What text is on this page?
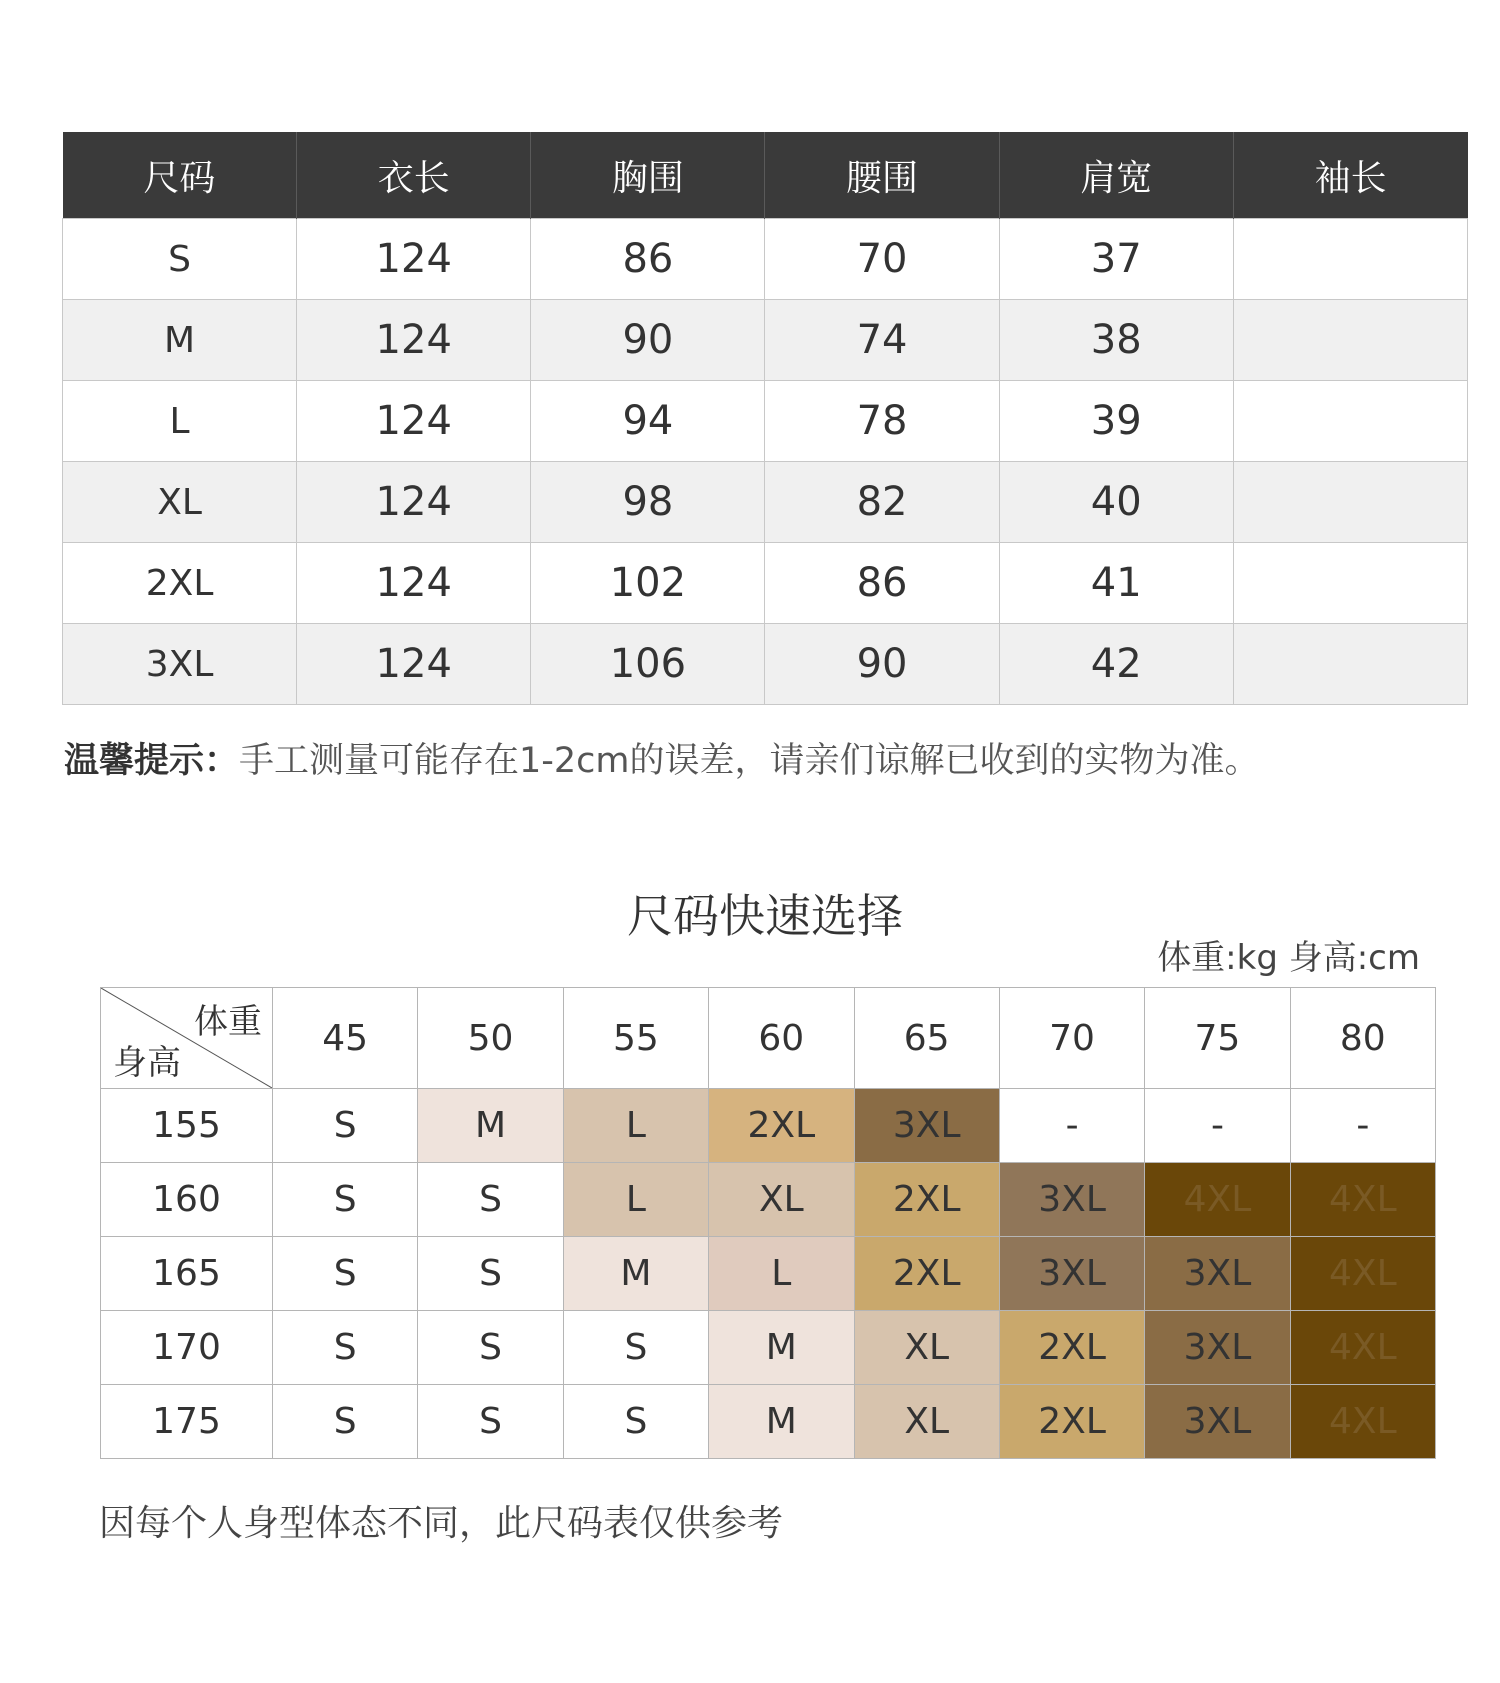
尺码	衣长	胸围	腰围	肩宽	袖长
S	124	86	70	37	
M	124	90	74	38	
L	124	94	78	39	
XL	124	98	82	40	
2XL	124	102	86	41	
3XL	124	106	90	42	
温馨提示：手工测量可能存在1-2cm的误差，请亲们谅解已收到的实物为准。
尺码快速选择
体重:kg 身高:cm
体重
身高	45	50	55	60	65	70	75	80
155	S	M	L	2XL	3XL	-	-	-
160	S	S	L	XL	2XL	3XL	4XL	4XL
165	S	S	M	L	2XL	3XL	3XL	4XL
170	S	S	S	M	XL	2XL	3XL	4XL
175	S	S	S	M	XL	2XL	3XL	4XL
因每个人身型体态不同，此尺码表仅供参考
